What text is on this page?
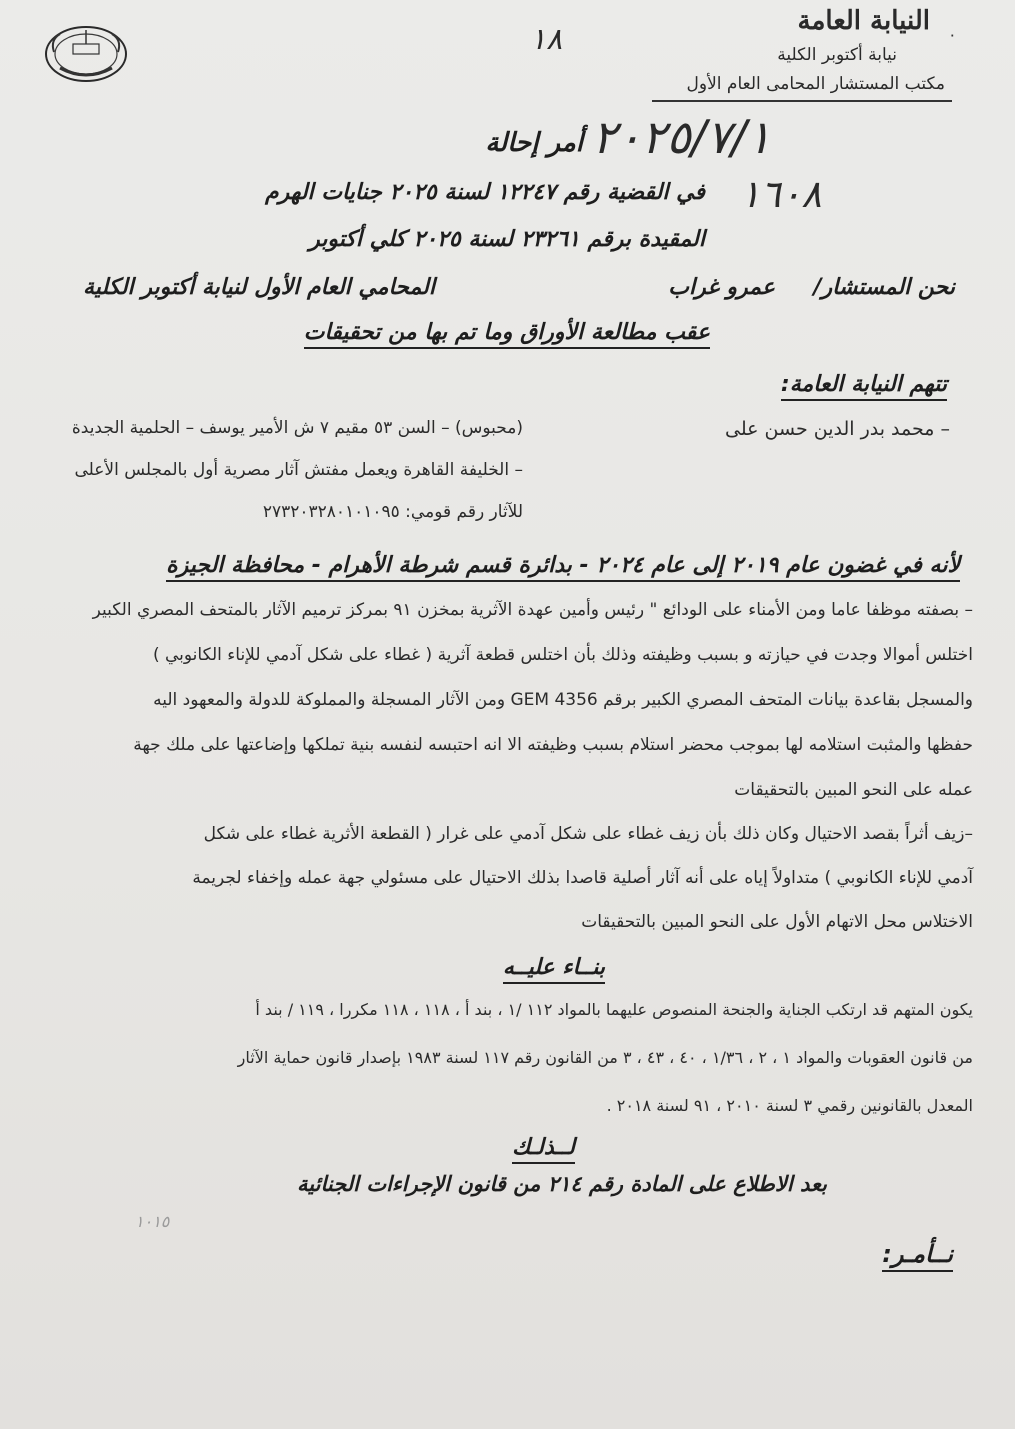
٠
النيابة العامة
نيابة أكتوبر الكلية
مكتب المستشار المحامى العام الأول
١٨
٢٠٢٥/٧/١
١٦٠٨
أمر إحالة
في القضية رقم ١٢٢٤٧ لسنة ٢٠٢٥ جنايات الهرم
المقيدة برقم ٢٣٢٦١ لسنة ٢٠٢٥ كلي أكتوبر
نحن المستشار/
عمرو غراب
المحامي العام الأول لنيابة أكتوبر الكلية
عقب مطالعة الأوراق وما تم بها من تحقيقات
تتهم النيابة العامة:
– محمد بدر الدين حسن على
(محبوس) – السن ٥٣ مقيم ٧ ش الأمير يوسف – الحلمية الجديدة
– الخليفة القاهرة ويعمل مفتش آثار مصرية أول بالمجلس الأعلى
للآثار رقم قومي: ٢٧٣٢٠٣٢٨٠١٠١٠٩٥
لأنه في غضون عام ٢٠١٩ إلى عام ٢٠٢٤ - بدائرة قسم شرطة الأهرام - محافظة الجيزة
– بصفته موظفا عاما ومن الأمناء على الودائع " رئيس وأمين عهدة الآثرية بمخزن ٩١ بمركز ترميم الآثار بالمتحف المصري الكبير
اختلس أموالا وجدت في حيازته و بسبب وظيفته وذلك بأن اختلس قطعة آثرية ( غطاء على شكل آدمي للإناء الكانوبي )
والمسجل بقاعدة بيانات المتحف المصري الكبير برقم GEM 4356 ومن الآثار المسجلة والمملوكة للدولة والمعهود اليه
حفظها والمثبت استلامه لها بموجب محضر استلام بسبب وظيفته الا انه احتبسه لنفسه بنية تملكها وإضاعتها على ملك جهة
عمله على النحو المبين بالتحقيقات
–زيف أثراً بقصد الاحتيال وكان ذلك بأن زيف غطاء على شكل آدمي على غرار ( القطعة الأثرية غطاء على شكل
آدمي للإناء الكانوبي ) متداولاً إياه على أنه آثار أصلية قاصدا بذلك الاحتيال على مسئولي جهة عمله وإخفاء لجريمة
الاختلاس محل الاتهام الأول على النحو المبين بالتحقيقات
بنــاء عليــه
يكون المتهم قد ارتكب الجناية والجنحة المنصوص عليهما بالمواد ١١٢ /١ ، بند أ ، ١١٨ ، ١١٨ مكررا ، ١١٩ / بند أ
من قانون العقوبات والمواد ١ ، ٢ ، ١/٣٦ ، ٤٠ ، ٤٣ ، ٣ من القانون رقم ١١٧ لسنة ١٩٨٣ بإصدار قانون حماية الآثار
المعدل بالقانونين رقمي ٣ لسنة ٢٠١٠ ، ٩١ لسنة ٢٠١٨ .
لــذلـك
بعد الاطلاع على المادة رقم ٢١٤ من قانون الإجراءات الجنائية
١٠١٥
نــأمـر:
